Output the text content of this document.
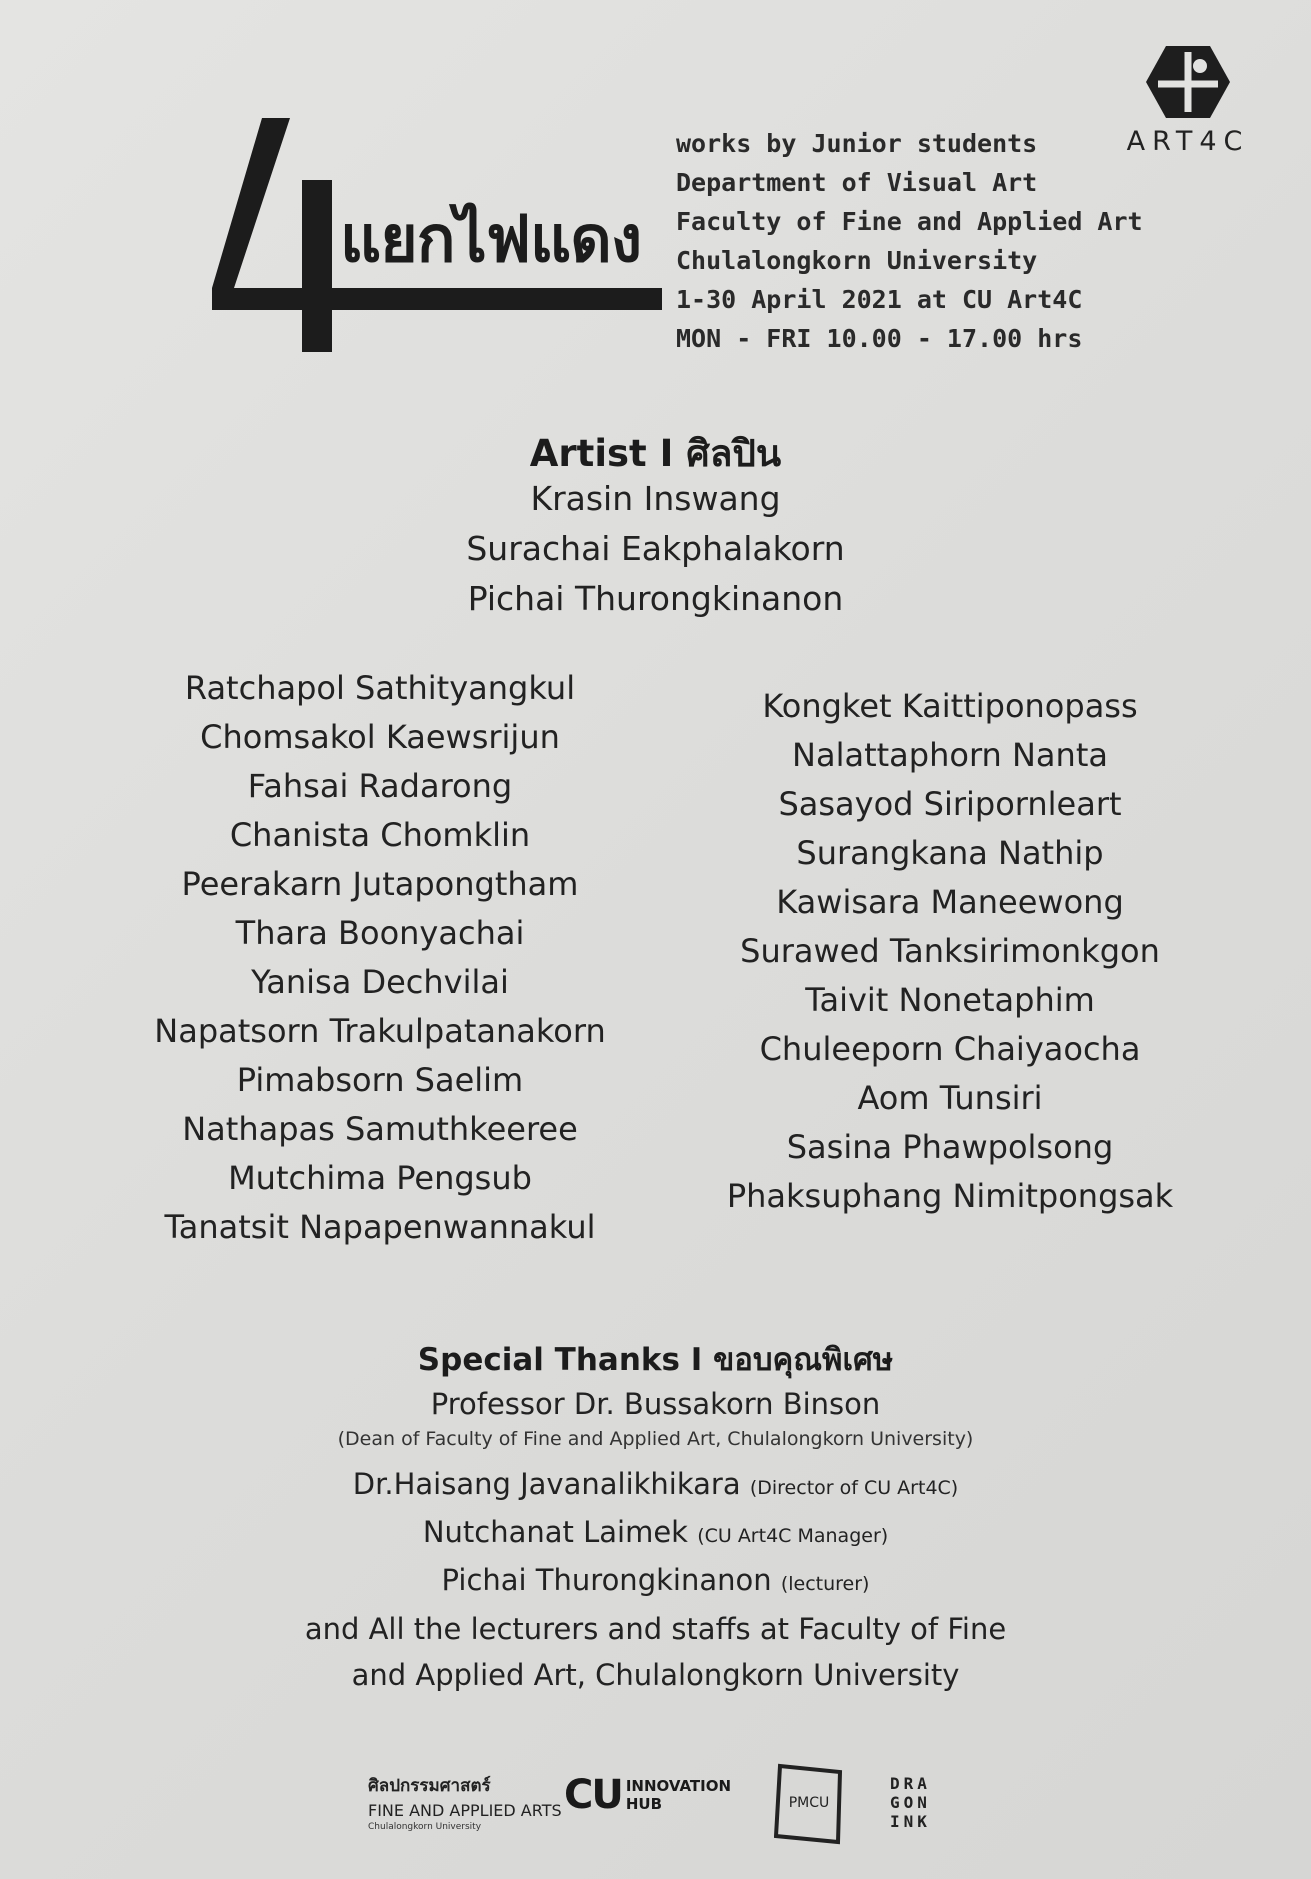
ART4C
แยกไฟแดง
works by Junior students
Department of Visual Art
Faculty of Fine and Applied Art
Chulalongkorn University
1-30 April 2021 at CU Art4C
MON - FRI 10.00 - 17.00 hrs
Artist I ศิลปิน
Krasin Inswang
Surachai Eakphalakorn
Pichai Thurongkinanon
Ratchapol Sathityangkul
Chomsakol Kaewsrijun
Fahsai Radarong
Chanista Chomklin
Peerakarn Jutapongtham
Thara Boonyachai
Yanisa Dechvilai
Napatsorn Trakulpatanakorn
Pimabsorn Saelim
Nathapas Samuthkeeree
Mutchima Pengsub
Tanatsit Napapenwannakul
Kongket Kaittiponopass
Nalattaphorn Nanta
Sasayod Siripornleart
Surangkana Nathip
Kawisara Maneewong
Surawed Tanksirimonkgon
Taivit Nonetaphim
Chuleeporn Chaiyaocha
Aom Tunsiri
Sasina Phawpolsong
Phaksuphang Nimitpongsak
Special Thanks I ขอบคุณพิเศษ
Professor Dr. Bussakorn Binson
(Dean of Faculty of Fine and Applied Art, Chulalongkorn University)
Dr.Haisang Javanalikhikara (Director of CU Art4C)
Nutchanat Laimek (CU Art4C Manager)
Pichai Thurongkinanon (lecturer)
and All the lecturers and staffs at Faculty of Fine
and Applied Art, Chulalongkorn University
ศิลปกรรมศาสตร์
FINE AND APPLIED ARTS
Chulalongkorn University
CU INNOVATION
HUB	PMCU
DRA
GON
INK
